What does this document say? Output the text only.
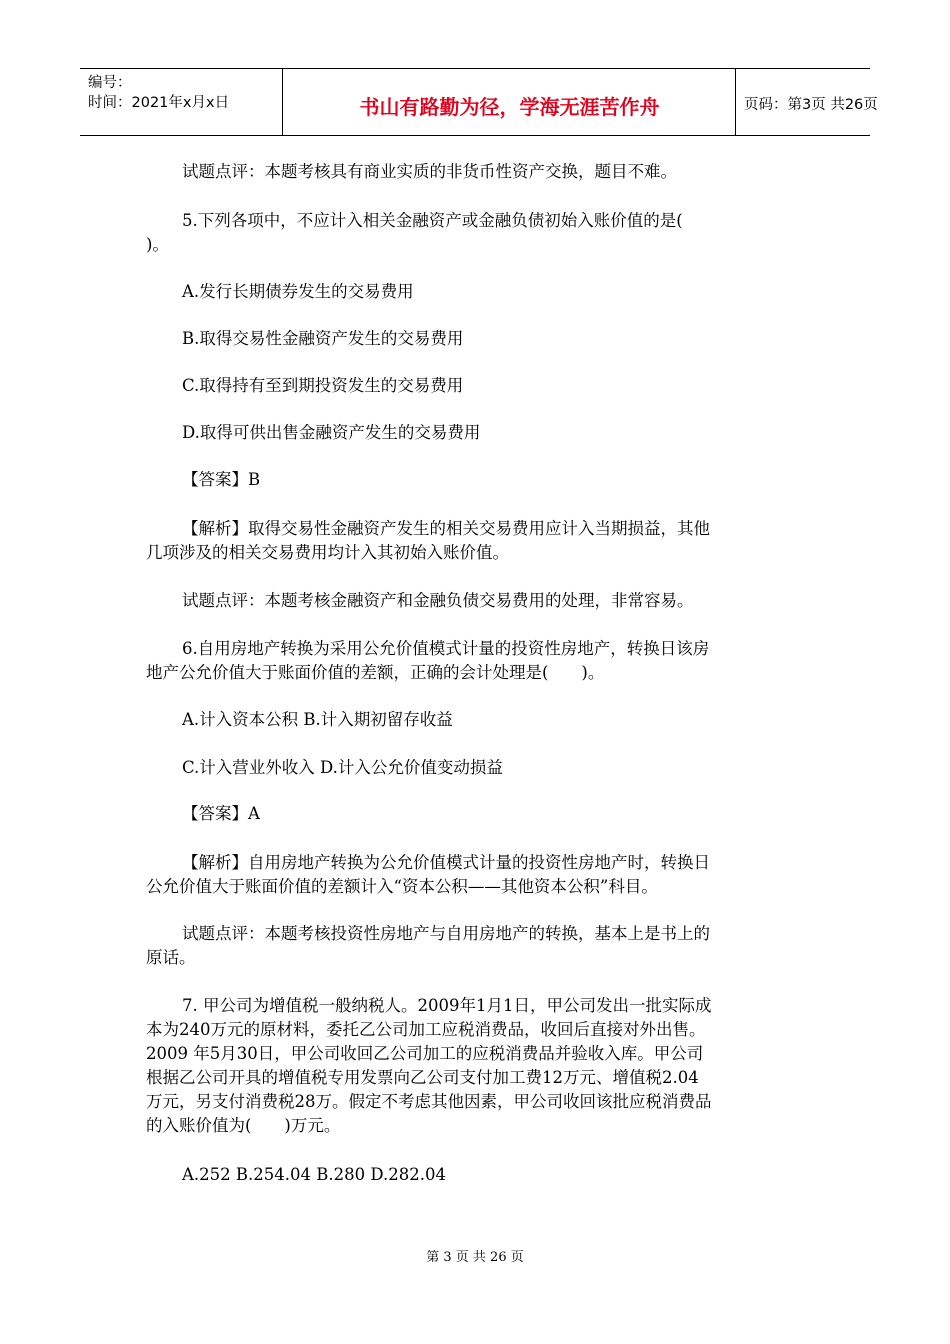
编号：
时间：2021年x月x日	书山有路勤为径，学海无涯苦作舟	页码：第3页 共26页
试题点评：本题考核具有商业实质的非货币性资产交换，题目不难。
5.下列各项中，不应计入相关金融资产或金融负债初始入账价值的是(
)。
A.发行长期债券发生的交易费用
B.取得交易性金融资产发生的交易费用
C.取得持有至到期投资发生的交易费用
D.取得可供出售金融资产发生的交易费用
【答案】B
【解析】取得交易性金融资产发生的相关交易费用应计入当期损益，其他
几项涉及的相关交易费用均计入其初始入账价值。
试题点评：本题考核金融资产和金融负债交易费用的处理，非常容易。
6.自用房地产转换为采用公允价值模式计量的投资性房地产，转换日该房
地产公允价值大于账面价值的差额，正确的会计处理是(　　)。
A.计入资本公积 B.计入期初留存收益
C.计入营业外收入 D.计入公允价值变动损益
【答案】A
【解析】自用房地产转换为公允价值模式计量的投资性房地产时，转换日
公允价值大于账面价值的差额计入“资本公积——其他资本公积”科目。
试题点评：本题考核投资性房地产与自用房地产的转换，基本上是书上的
原话。
7. 甲公司为增值税一般纳税人。2009年1月1日，甲公司发出一批实际成
本为240万元的原材料，委托乙公司加工应税消费品，收回后直接对外出售。
2009 年5月30日，甲公司收回乙公司加工的应税消费品并验收入库。甲公司
根据乙公司开具的增值税专用发票向乙公司支付加工费12万元、增值税2.04
万元，另支付消费税28万。假定不考虑其他因素，甲公司收回该批应税消费品
的入账价值为(　　)万元。
A.252 B.254.04 B.280 D.282.04
第 3 页 共 26 页
